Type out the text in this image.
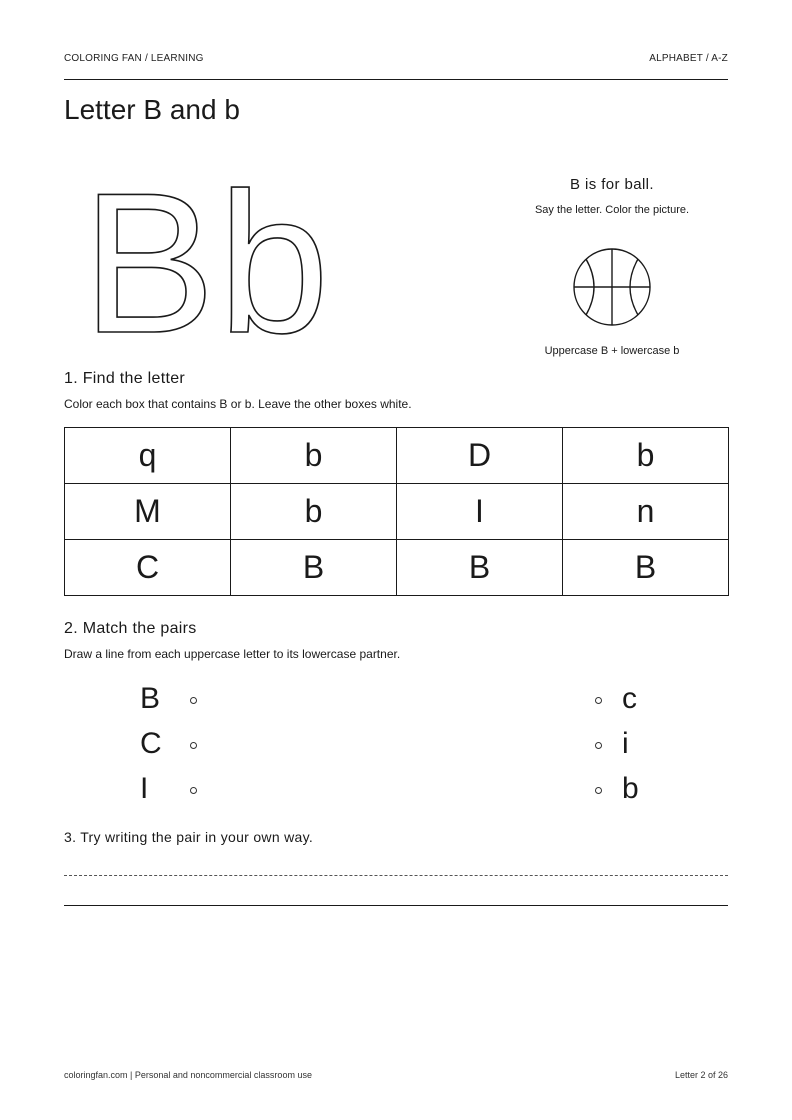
COLORING FAN / LEARNING	ALPHABET / A-Z
Letter B and b
B b	B is for ball.
Say the letter. Color the picture.
Uppercase B + lowercase b
1. Find the letter
Color each box that contains B or b. Leave the other boxes white.
q	b	D	b
M	b	I	n
C	B	B	B
2. Match the pairs
Draw a line from each uppercase letter to its lowercase partner.
B
C
I
c
i
b
3. Try writing the pair in your own way.
coloringfan.com | Personal and noncommercial classroom use	Letter 2 of 26
